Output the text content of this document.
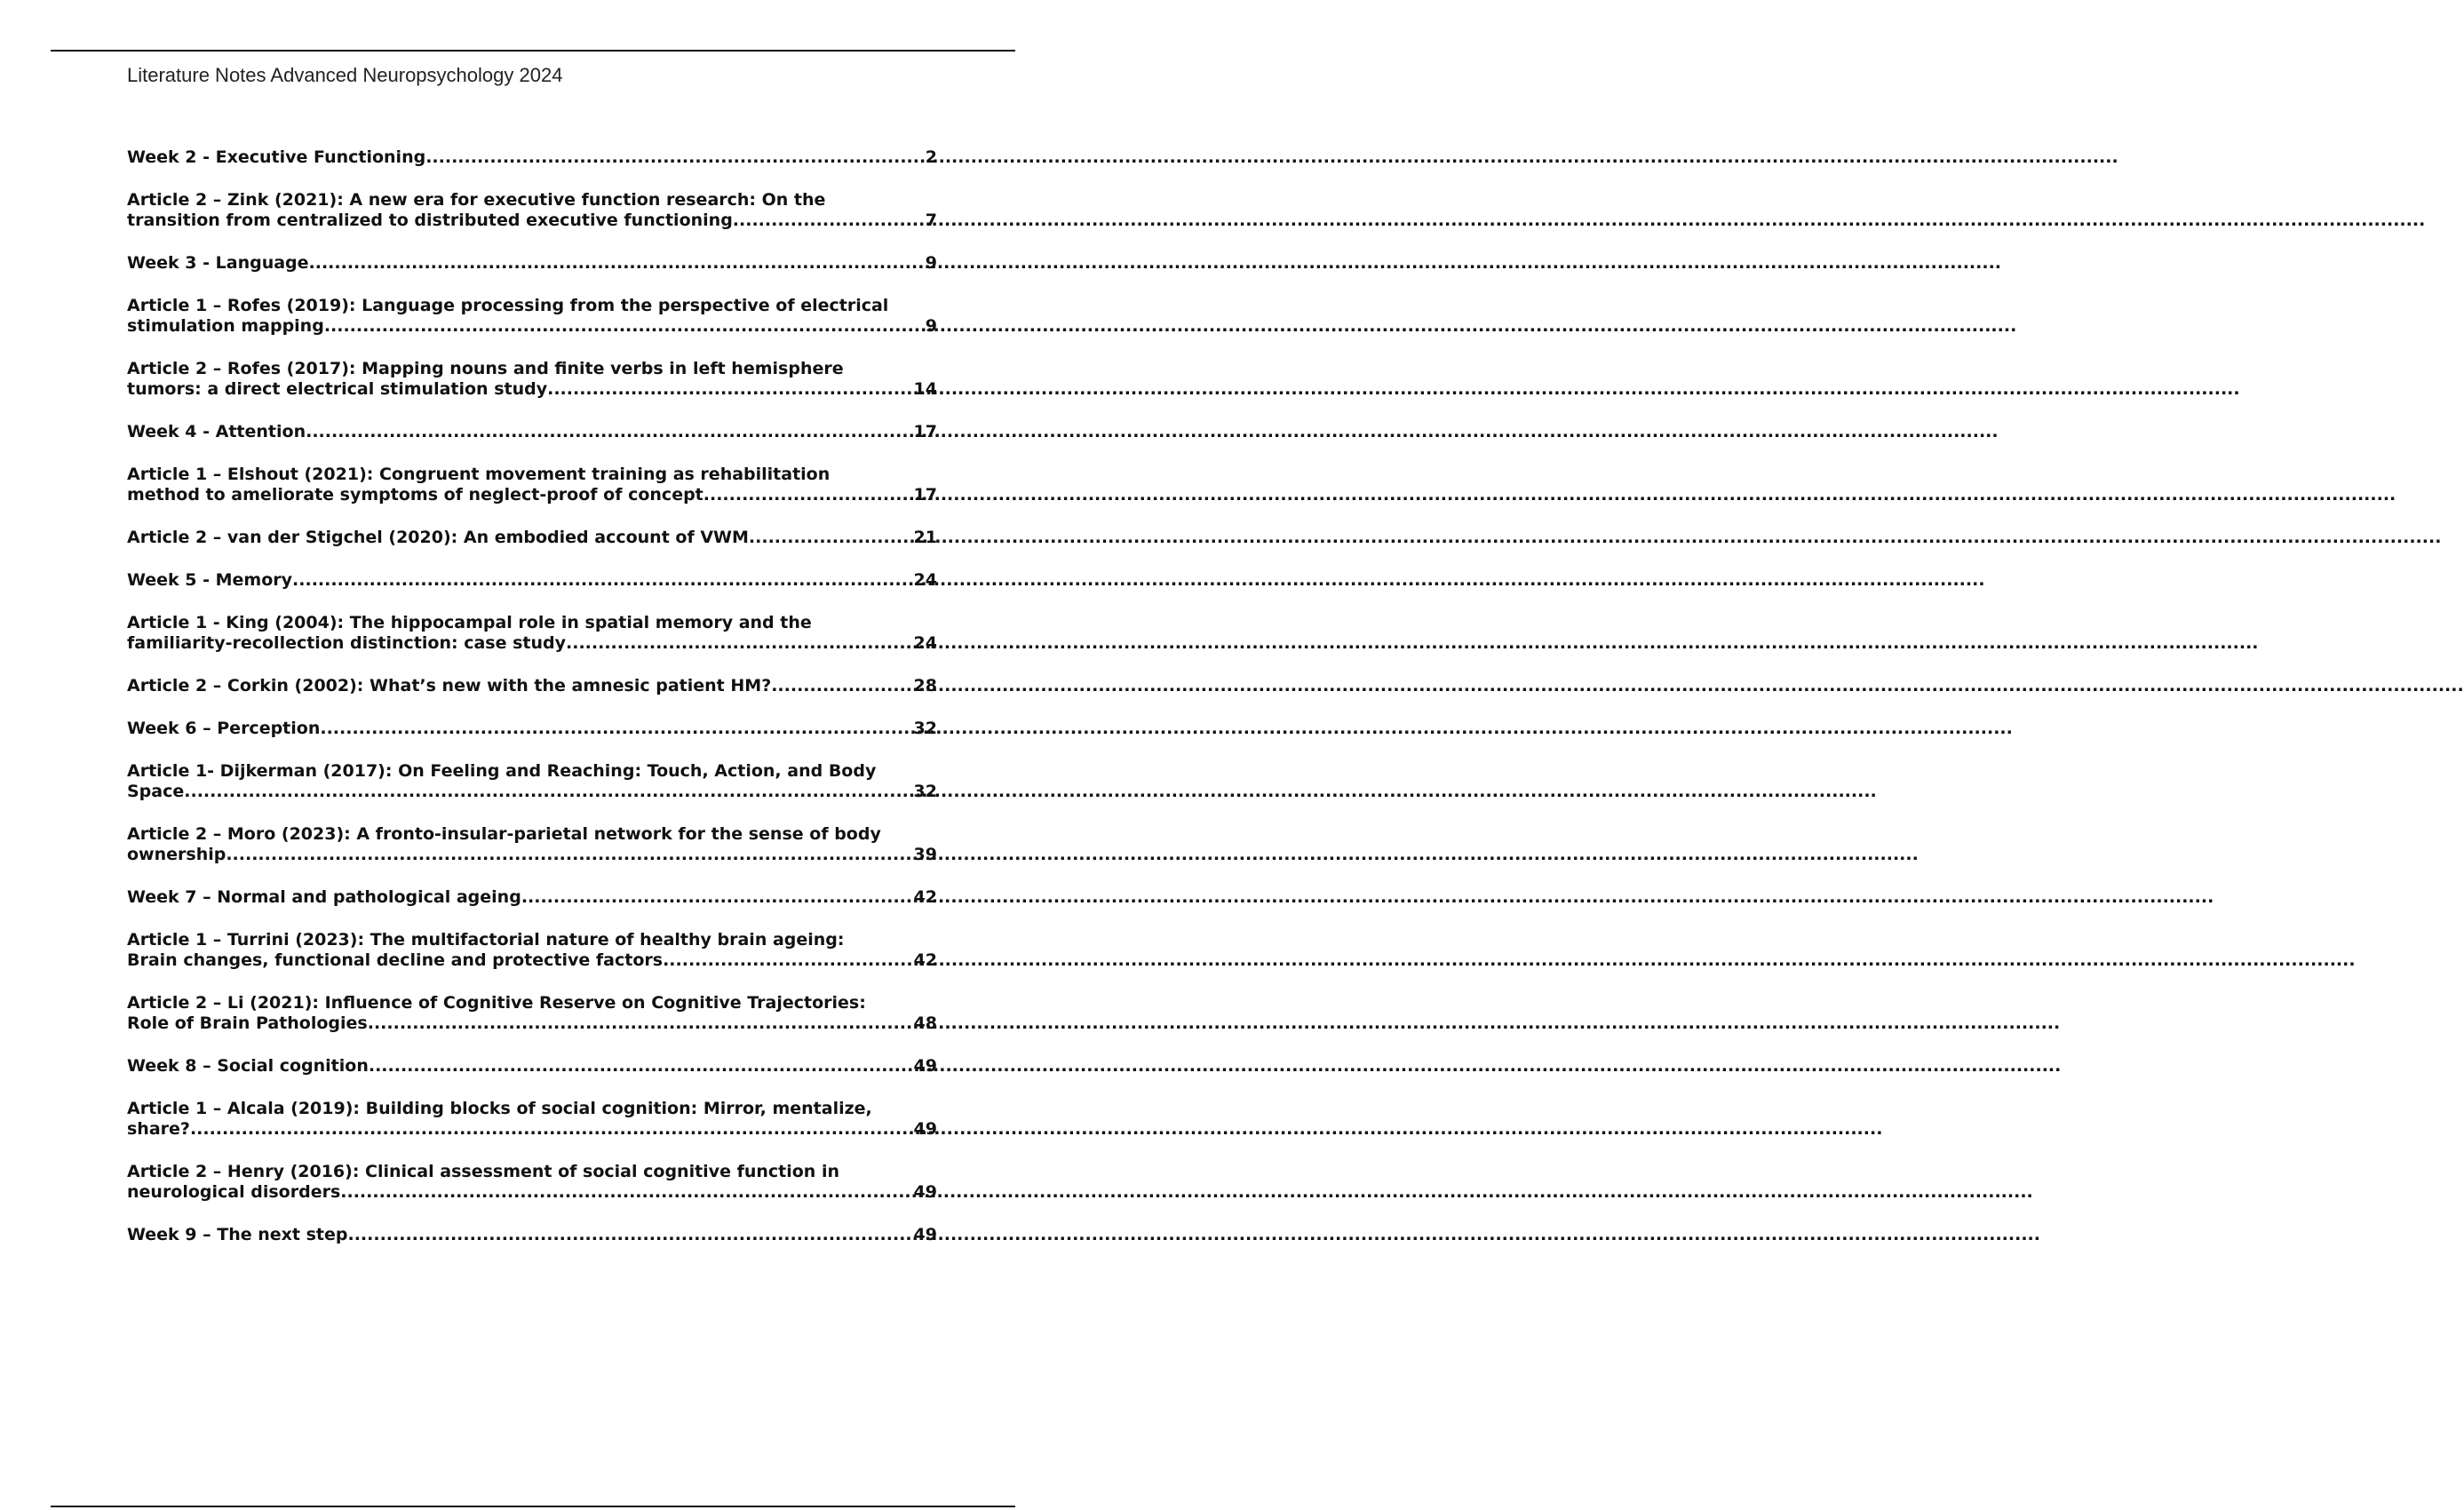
Literature Notes Advanced Neuropsychology 2024
Week 2 - Executive Functioning .....	2
Article 2 – Zink (2021): A new era for executive function research: On the
transition from centralized to distributed executive functioning .....	7
Week 3 - Language .....	9
Article 1 – Rofes (2019): Language processing from the perspective of electrical
stimulation mapping .....	9
Article 2 – Rofes (2017): Mapping nouns and finite verbs in left hemisphere
tumors: a direct electrical stimulation study .....	14
Week 4 - Attention .....	17
Article 1 – Elshout (2021): Congruent movement training as rehabilitation
method to ameliorate symptoms of neglect-proof of concept .....	17
Article 2 – van der Stigchel (2020): An embodied account of VWM .....	21
Week 5 - Memory .....	24
Article 1 - King (2004): The hippocampal role in spatial memory and the
familiarity-recollection distinction: case study .....	24
Article 2 – Corkin (2002): What’s new with the amnesic patient HM? .....	28
Week 6 – Perception .....	32
Article 1- Dijkerman (2017): On Feeling and Reaching: Touch, Action, and Body
Space .....	32
Article 2 – Moro (2023): A fronto-insular-parietal network for the sense of body
ownership .....	39
Week 7 – Normal and pathological ageing .....	42
Article 1 – Turrini (2023): The multifactorial nature of healthy brain ageing:
Brain changes, functional decline and protective factors .....	42
Article 2 – Li (2021): Influence of Cognitive Reserve on Cognitive Trajectories:
Role of Brain Pathologies .....	48
Week 8 – Social cognition .....	49
Article 1 – Alcala (2019): Building blocks of social cognition: Mirror, mentalize,
share? .....	49
Article 2 – Henry (2016): Clinical assessment of social cognitive function in
neurological disorders .....	49
Week 9 – The next step .....	49
